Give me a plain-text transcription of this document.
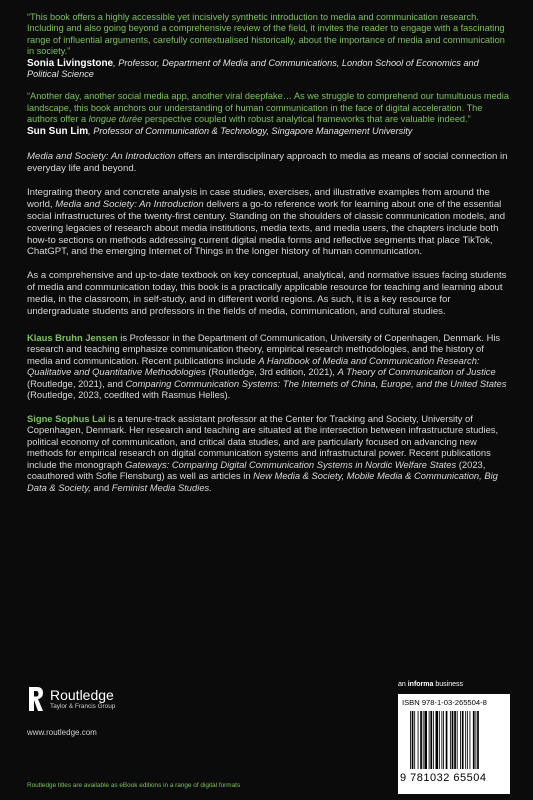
“This book offers a highly accessible yet incisively synthetic introduction to media and communication research. Including and also going beyond a comprehensive review of the field, it invites the reader to engage with a fascinating range of influential arguments, carefully contextualised historically, about the importance of media and communication in society.”

Sonia Livingstone, Professor, Department of Media and Communications, London School of Economics and Political Science

“Another day, another social media app, another viral deepfake… As we struggle to comprehend our tumultuous media landscape, this book anchors our understanding of human communication in the face of digital acceleration. The authors offer a longue durée perspective coupled with robust analytical frameworks that are valuable indeed.”

Sun Sun Lim, Professor of Communication & Technology, Singapore Management University

Media and Society: An Introduction offers an interdisciplinary approach to media as means of social connection in everyday life and beyond.

Integrating theory and concrete analysis in case studies, exercises, and illustrative examples from around the world, Media and Society: An Introduction delivers a go-to reference work for learning about one of the essential social infrastructures of the twenty-first century. Standing on the shoulders of classic communication models, and covering legacies of research about media institutions, media texts, and media users, the chapters include both how-to sections on methods addressing current digital media forms and reflective segments that place TikTok, ChatGPT, and the emerging Internet of Things in the longer history of human communication.

As a comprehensive and up-to-date textbook on key conceptual, analytical, and normative issues facing students of media and communication today, this book is a practically applicable resource for teaching and learning about media, in the classroom, in self-study, and in different world regions. As such, it is a key resource for undergraduate students and professors in the fields of media, communication, and cultural studies.

Klaus Bruhn Jensen is Professor in the Department of Communication, University of Copenhagen, Denmark. His research and teaching emphasize communication theory, empirical research methodologies, and the history of media and communication. Recent publications include A Handbook of Media and Communication Research: Qualitative and Quantitative Methodologies (Routledge, 3rd edition, 2021), A Theory of Communication of Justice (Routledge, 2021), and Comparing Communication Systems: The Internets of China, Europe, and the United States (Routledge, 2023, coedited with Rasmus Helles).

Signe Sophus Lai is a tenure-track assistant professor at the Center for Tracking and Society, University of Copenhagen, Denmark. Her research and teaching are situated at the intersection between infrastructure studies, political economy of communication, and critical data studies, and are particularly focused on advancing new methods for empirical research on digital communication systems and infrastructural power. Recent publications include the monograph Gateways: Comparing Digital Communication Systems in Nordic Welfare States (2023, coauthored with Sofie Flensburg) as well as articles in New Media & Society, Mobile Media & Communication, Big Data & Society, and Feminist Media Studies.

Routledge
Taylor & Francis Group
www.routledge.com
Routledge titles are available as eBook editions in a range of digital formats
an informa business
ISBN 978-1-03-265504-8
9 781032 65504
